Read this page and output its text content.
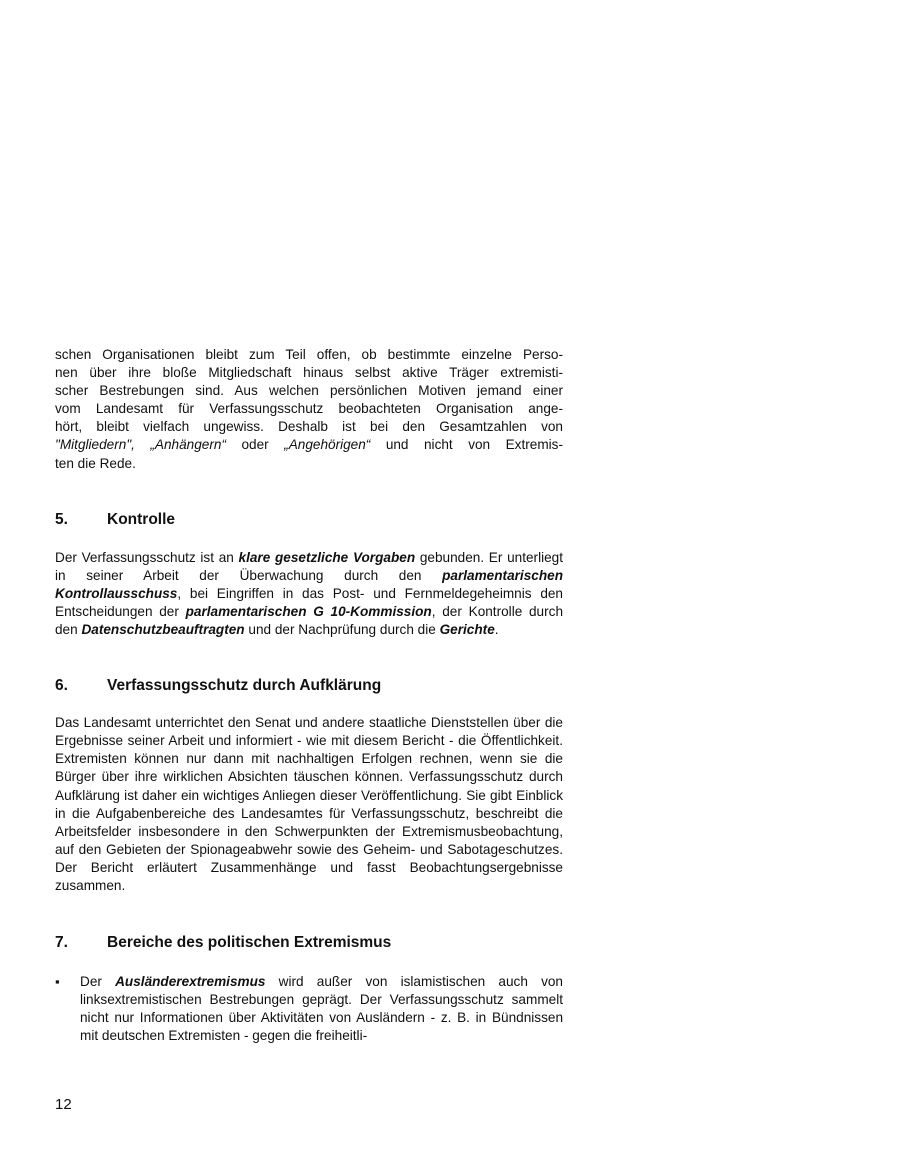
schen Organisationen bleibt zum Teil offen, ob bestimmte einzelne Perso-
nen über ihre bloße Mitgliedschaft hinaus selbst aktive Träger extremisti-
scher Bestrebungen sind. Aus welchen persönlichen Motiven jemand einer
vom Landesamt für Verfassungsschutz beobachteten Organisation ange-
hört, bleibt vielfach ungewiss. Deshalb ist bei den Gesamtzahlen von
"Mitgliedern", „Anhängern“ oder „Angehörigen“ und nicht von Extremis-
ten die Rede.

5.	Kontrolle

Der Verfassungsschutz ist an klare gesetzliche Vorgaben gebunden. Er unterliegt in seiner Arbeit der Überwachung durch den parlamentarischen Kontrollausschuss, bei Eingriffen in das Post- und Fernmeldegeheimnis den Entscheidungen der parlamentarischen G 10-Kommission, der Kontrolle durch den Datenschutzbeauftragten und der Nachprüfung durch die Gerichte.

6.	Verfassungsschutz durch Aufklärung

Das Landesamt unterrichtet den Senat und andere staatliche Dienststellen über die Ergebnisse seiner Arbeit und informiert - wie mit diesem Bericht - die Öffentlichkeit. Extremisten können nur dann mit nachhaltigen Erfolgen rechnen, wenn sie die Bürger über ihre wirklichen Absichten täuschen können. Verfassungsschutz durch Aufklärung ist daher ein wichtiges Anliegen dieser Veröffentlichung. Sie gibt Einblick in die Aufgabenbereiche des Landesamtes für Verfassungsschutz, beschreibt die Arbeitsfelder insbesondere in den Schwerpunkten der Extremismusbeobachtung, auf den Gebieten der Spionageabwehr sowie des Geheim- und Sabotageschutzes. Der Bericht erläutert Zusammenhänge und fasst Beobachtungsergebnisse zusammen.

7.	Bereiche des politischen Extremismus
▪	Der Ausländerextremismus wird außer von islamistischen auch von linksextremistischen Bestrebungen geprägt. Der Verfassungsschutz sammelt nicht nur Informationen über Aktivitäten von Ausländern - z. B. in Bündnissen mit deutschen Extremisten - gegen die freiheitli-
12
